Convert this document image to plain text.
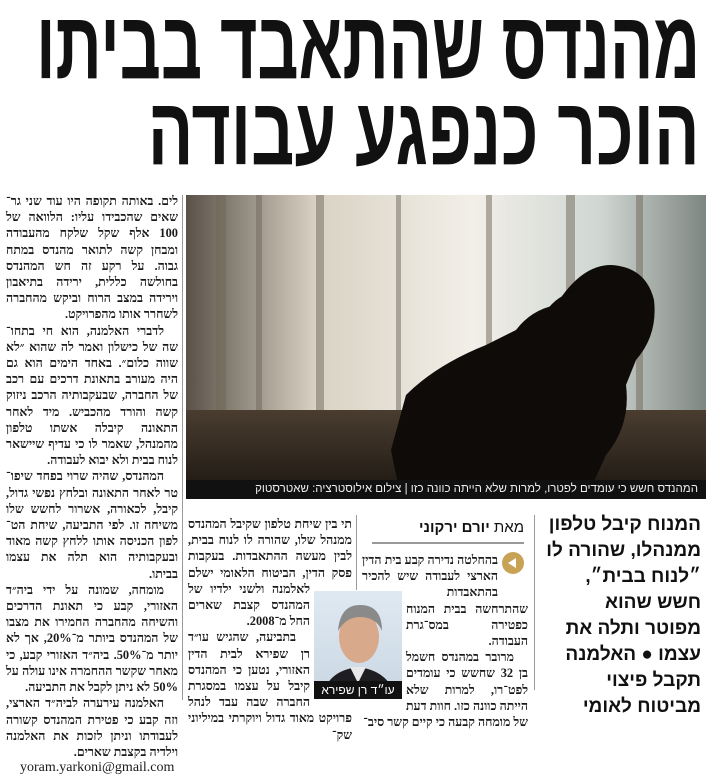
מהנדס שהתאבד בביתו
הוכר כנפגע עבודה

לים. באותה תקופה היו עוד שני גר־ שאים שהכבידו עליו: הלוואה של 100 אלף שקל שלקח מהעבודה ומבחן קשה לתואר מהנדס במתח גבוה. על רקע זה חש המהנדס בחולשה כללית, ירידה בתיאבון וירידה במצב הרוח וביקש מהחברה לשחרר אותו מהפרויקט.

לדברי האלמנה, הוא חי בתחו־ שה של כישלון ואמר לה שהוא ״לא שווה כלום״. באחד הימים הוא גם היה מעורב בתאונת דרכים עם רכב של החברה, שבעקבותיה הרכב ניזוק קשה והורד מהכביש. מיד לאחר התאונה קיבלה אשתו טלפון מהמנהל, שאמר לו כי עדיף שיישאר לנוח בבית ולא יבוא לעבודה.

המהנדס, שהיה שרוי בפחד שיפו־ טר לאחר התאונה ובלחץ נפשי גדול, קיבל, לכאורה, אשרור לחשש שלו משיחה זו. לפי התביעה, שיחת הט־ לפון הכניסה אותו ללחץ קשה מאוד ובעקבותיה הוא תלה את עצמו בביתו.

מומחה, שמונה על ידי ביה״ד האזורי, קבע כי תאונת הדרכים והשיחה מהחברה החמירו את מצבו של המהנדס ביותר מ־20%, אך לא יותר מ־50%. ביה״ד האזורי קבע, כי מאחר שקשר ההחמרה אינו עולה על 50% לא ניתן לקבל את התביעה.

האלמנה עירערה לביה״ד הארצי, וזה קבע כי פטירת המהנדס קשורה לעבודתו וניתן לזכות את האלמנה וילדיה בקצבת שארים.

yoram.yarkoni@gmail.com

המהנדס חשש כי עומדים לפטרו, למרות שלא הייתה כוונה כזו | צילום אילוסטרציה: שאטרסטוק
המנוח קיבל טלפון ממנהלו, שהורה לו ״לנוח בבית״, חשש שהוא מפוטר ותלה את עצמו ● האלמנה תקבל פיצוי מביטוח לאומי
מאת יורם ירקוני

בהחלטה נדירה קבע בית הדין הארצי לעבודה שיש להכיר בהתאבדות שהתרחשה בבית המנוח כפטירה במס־גרת העבודה.

מרובר במהנדס חשמל בן 32 שחשש כי עומדים לפט־רו, למרות שלא הייתה כוונה כזו. חוות דעת של מומחה קבעה כי קיים קשר סיב־

תי בין שיחת טלפון שקיבל המהנדס ממנהל שלו, שהורה לו לנוח בבית, לבין מעשה ההתאבדות. בעקבות פסק הדין, הביטוח הלאומי ישלם לאלמנה ולשני ילדיו של המהנדס קצבת שארים החל מ־2008.

בתביעה, שהגיש עו״ד רן שפירא לבית הדין האזורי, נטען כי המהנדס קיבל על עצמו במסגרת החברה שבה עבד לנהל פרויקט מאוד גדול ויוקרתי במיליוני שק־

עו״ד רן שפירא
